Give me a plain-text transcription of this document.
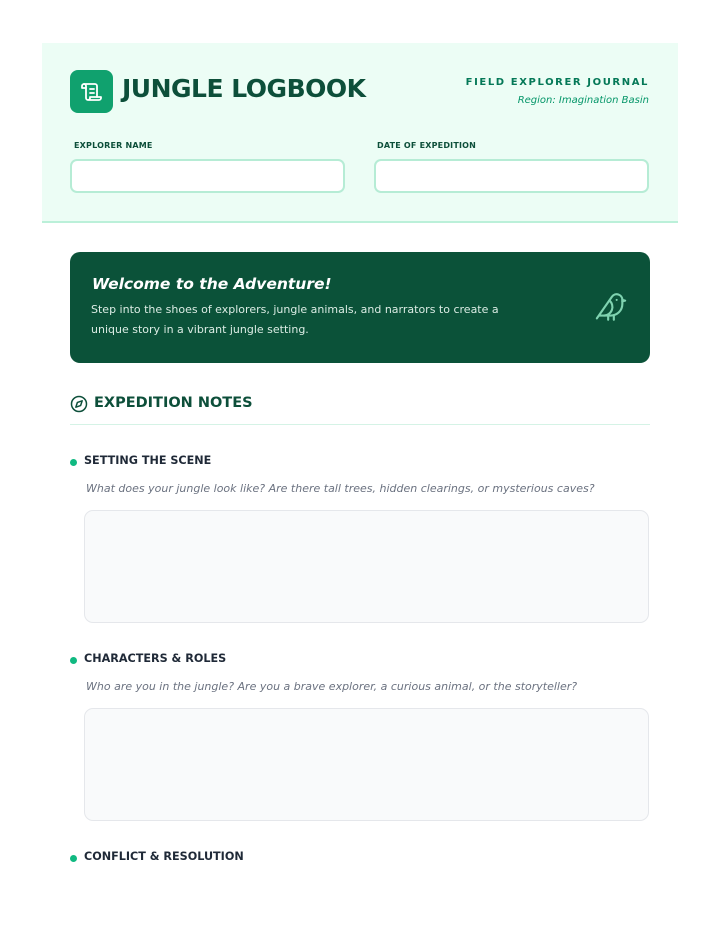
JUNGLE LOGBOOK	FIELD EXPLORER JOURNAL
Region: Imagination Basin
EXPLORER NAME	DATE OF EXPEDITION
Welcome to the Adventure!
Step into the shoes of explorers, jungle animals, and narrators to create a unique story in a vibrant jungle setting.
EXPEDITION NOTES
SETTING THE SCENE
What does your jungle look like? Are there tall trees, hidden clearings, or mysterious caves?
CHARACTERS & ROLES
Who are you in the jungle? Are you a brave explorer, a curious animal, or the storyteller?
CONFLICT & RESOLUTION
